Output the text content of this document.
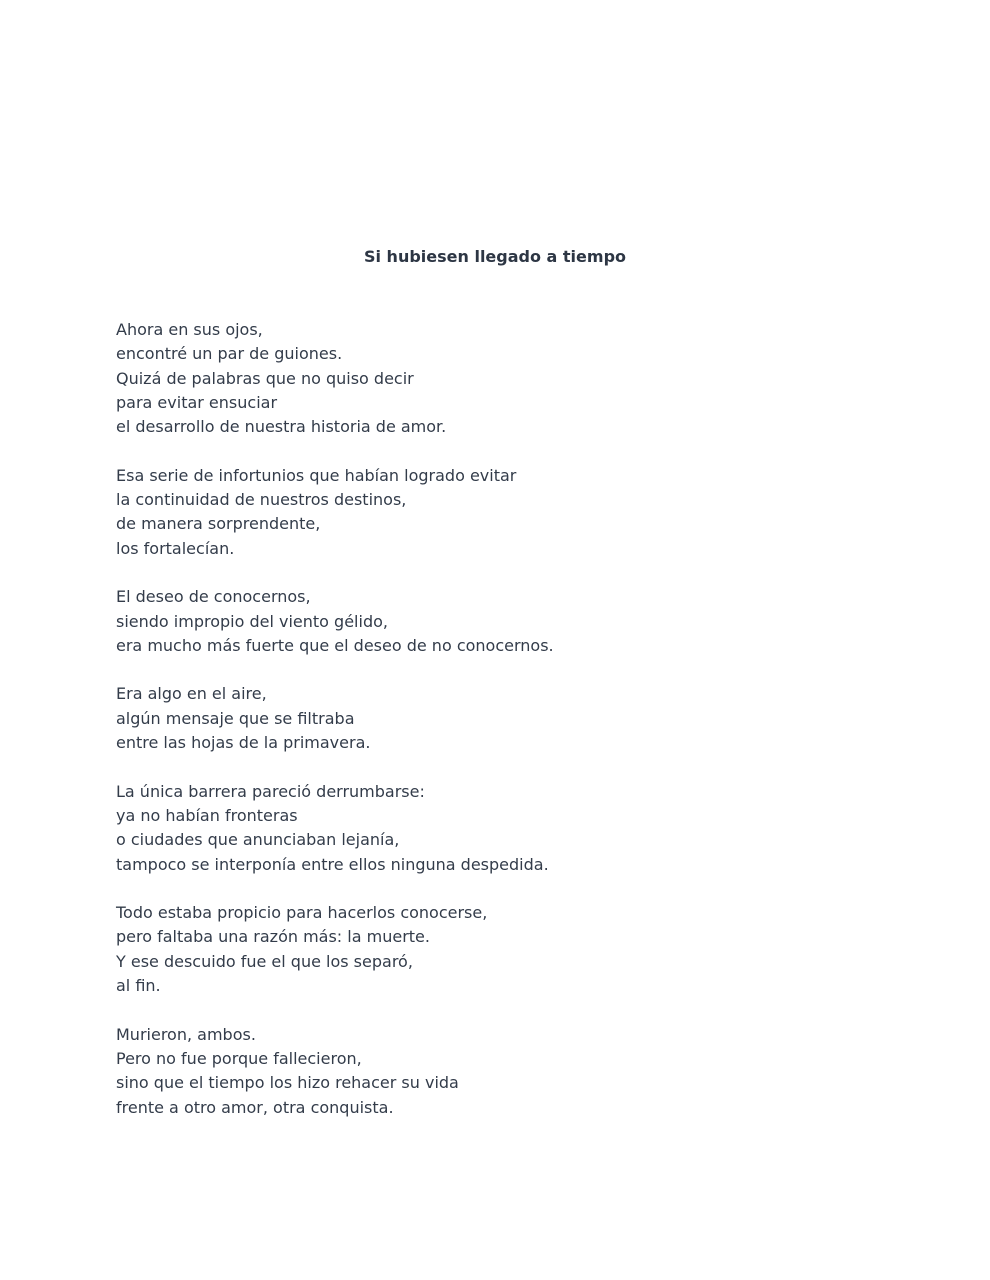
Si hubiesen llegado a tiempo

Ahora en sus ojos,
encontré un par de guiones.
Quizá de palabras que no quiso decir
para evitar ensuciar
el desarrollo de nuestra historia de amor.

Esa serie de infortunios que habían logrado evitar
la continuidad de nuestros destinos,
de manera sorprendente,
los fortalecían.

El deseo de conocernos,
siendo impropio del viento gélido,
era mucho más fuerte que el deseo de no conocernos.

Era algo en el aire,
algún mensaje que se filtraba
entre las hojas de la primavera.

La única barrera pareció derrumbarse:
ya no habían fronteras
o ciudades que anunciaban lejanía,
tampoco se interponía entre ellos ninguna despedida.

Todo estaba propicio para hacerlos conocerse,
pero faltaba una razón más: la muerte.
Y ese descuido fue el que los separó,
al fin.

Murieron, ambos.
Pero no fue porque fallecieron,
sino que el tiempo los hizo rehacer su vida
frente a otro amor, otra conquista.
